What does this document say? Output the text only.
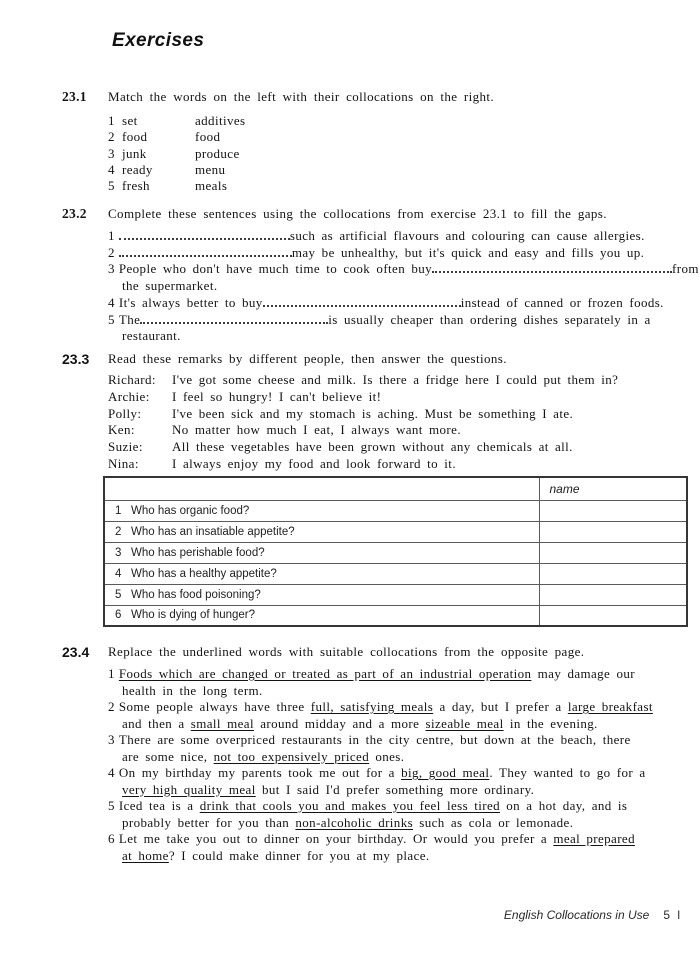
Exercises
23.1 Match the words on the left with their collocations on the right.
1 set	additives
2 food	food
3 junk	produce
4 ready	menu
5 fresh	meals
23.2 Complete these sentences using the collocations from exercise 23.1 to fill the gaps.
1	such as artificial flavours and colouring can cause allergies.
2	may be unhealthy, but it's quick and easy and fills you up.
3 People who don't have much time to cook often buy	from
the supermarket.
4 It's always better to buy	instead of canned or frozen foods.
5 The	is usually cheaper than ordering dishes separately in a
restaurant.
23.3 Read these remarks by different people, then answer the questions.
Richard:	I've got some cheese and milk. Is there a fridge here I could put them in?
Archie:	I feel so hungry! I can't believe it!
Polly:	I've been sick and my stomach is aching. Must be something I ate.
Ken:	No matter how much I eat, I always want more.
Suzie:	All these vegetables have been grown without any chemicals at all.
Nina:	I always enjoy my food and look forward to it.
	name
1 Who has organic food?	
2 Who has an insatiable appetite?	
3 Who has perishable food?	
4 Who has a healthy appetite?	
5 Who has food poisoning?	
6 Who is dying of hunger?	
23.4 Replace the underlined words with suitable collocations from the opposite page.
1 Foods which are changed or treated as part of an industrial operation may damage our
health in the long term.
2 Some people always have three full, satisfying meals a day, but I prefer a large breakfast
and then a small meal around midday and a more sizeable meal in the evening.
3 There are some overpriced restaurants in the city centre, but down at the beach, there
are some nice, not too expensively priced ones.
4 On my birthday my parents took me out for a big, good meal. They wanted to go for a
very high quality meal but I said I'd prefer something more ordinary.
5 Iced tea is a drink that cools you and makes you feel less tired on a hot day, and is
probably better for you than non-alcoholic drinks such as cola or lemonade.
6 Let me take you out to dinner on your birthday. Or would you prefer a meal prepared
at home? I could make dinner for you at my place.
English Collocations in Use 5 l
